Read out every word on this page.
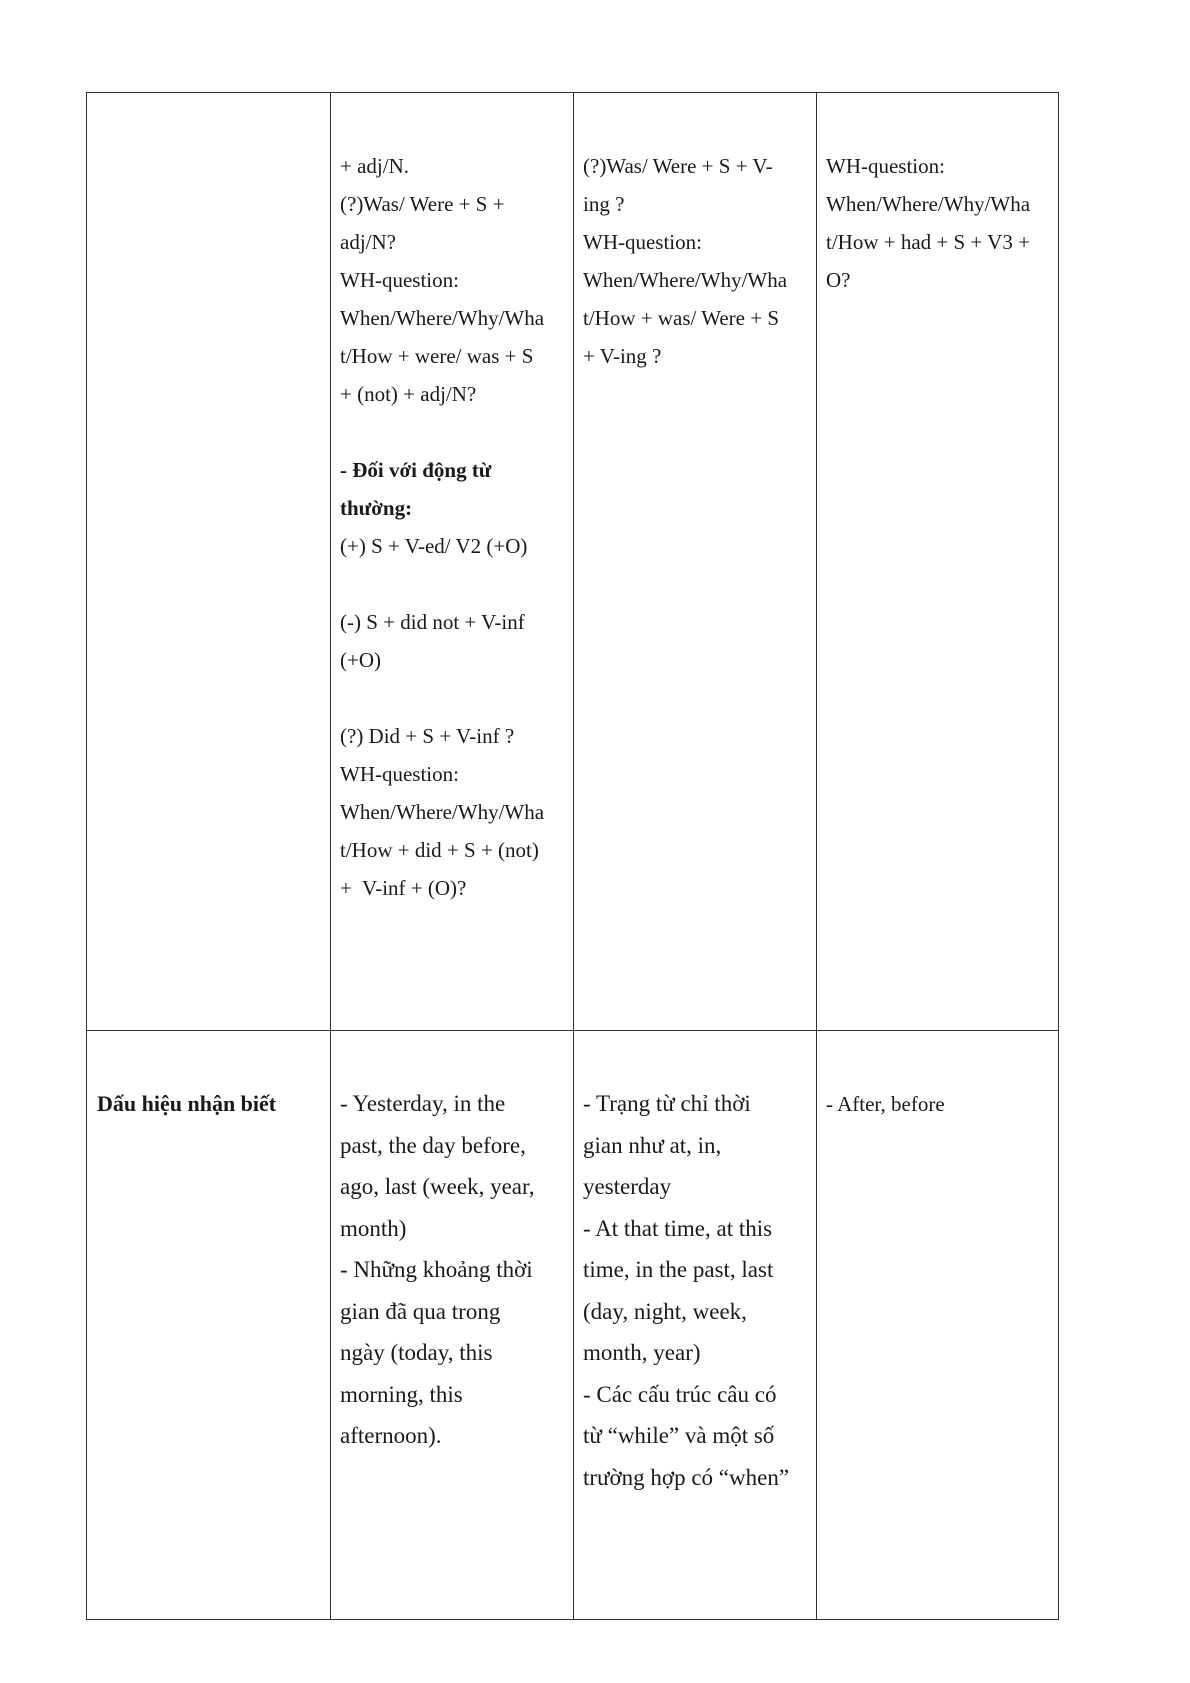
+ adj/N.
(?)Was/ Were + S +
adj/N?
WH-question:
When/Where/Why/Wha
t/How + were/ was + S
+ (not) + adj/N?
- Đối với động từ
thường:
(+) S + V-ed/ V2 (+O)
(-) S + did not + V-inf
(+O)
(?) Did + S + V-inf ?
WH-question:
When/Where/Why/Wha
t/How + did + S + (not)
+  V-inf + (O)?
(?)Was/ Were + S + V-
ing ?
WH-question:
When/Where/Why/Wha
t/How + was/ Were + S
+ V-ing ?
WH-question:
When/Where/Why/Wha
t/How + had + S + V3 +
O?
Dấu hiệu nhận biết	- Yesterday, in the
past, the day before,
ago, last (week, year,
month)
- Những khoảng thời
gian đã qua trong
ngày (today, this
morning, this
afternoon).
- Trạng từ chỉ thời
gian như at, in,
yesterday
- At that time, at this
time, in the past, last
(day, night, week,
month, year)
- Các cấu trúc câu có
từ “while” và một số
trường hợp có “when”
- After, before
